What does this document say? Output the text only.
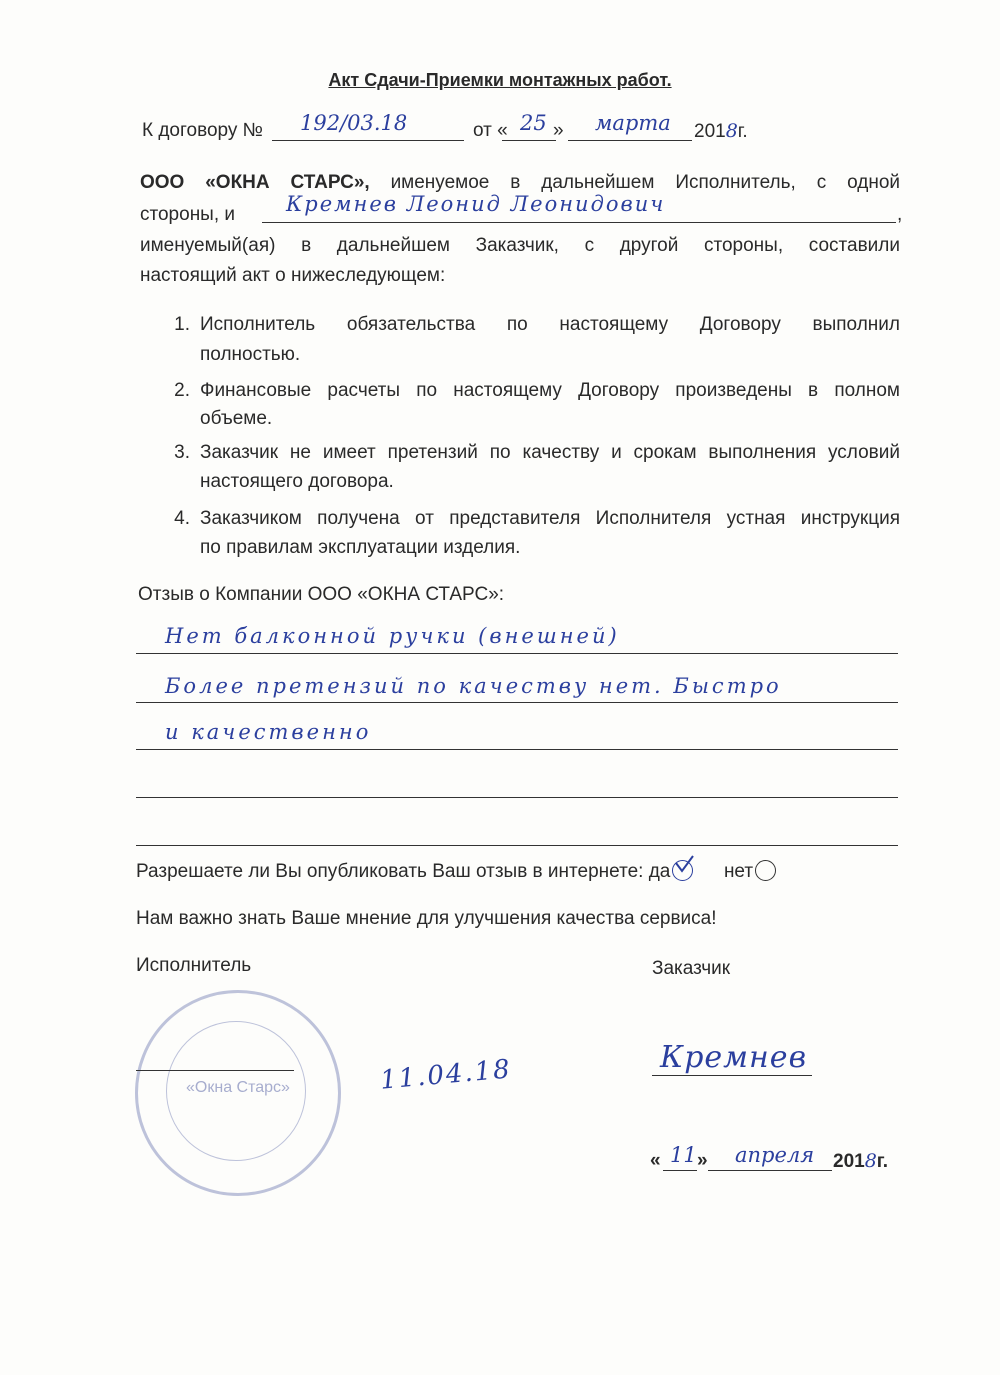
Акт Сдачи-Приемки монтажных работ.
К договору № 192/03.18	от « 25 » марта 2018г.
ООО «ОКНА СТАРС», именуемое в дальнейшем Исполнитель, с одной
стороны, и Кремнев Леонид Леонидович	,
именуемый(ая) в дальнейшем Заказчик, с другой стороны, составили
настоящий акт о нижеследующем:
1. Исполнитель обязательства по настоящему Договору выполнил
полностью.
2. Финансовые расчеты по настоящему Договору произведены в полном
объеме.
3. Заказчик не имеет претензий по качеству и срокам выполнения условий
настоящего договора.
4. Заказчиком получена от представителя Исполнителя устная инструкция
по правилам эксплуатации изделия.
Отзыв о Компании ООО «ОКНА СТАРС»:
Нет балконной ручки (внешней)
Более претензий по качеству нет. Быстро
и качественно
Разрешаете ли Вы опубликовать Ваш отзыв в интернете: да	нет
Нам важно знать Ваше мнение для улучшения качества сервиса!
Исполнитель	Заказчик
«Окна Старс»	11.04.18	Кремнев
« 11 » апреля 2018г.
